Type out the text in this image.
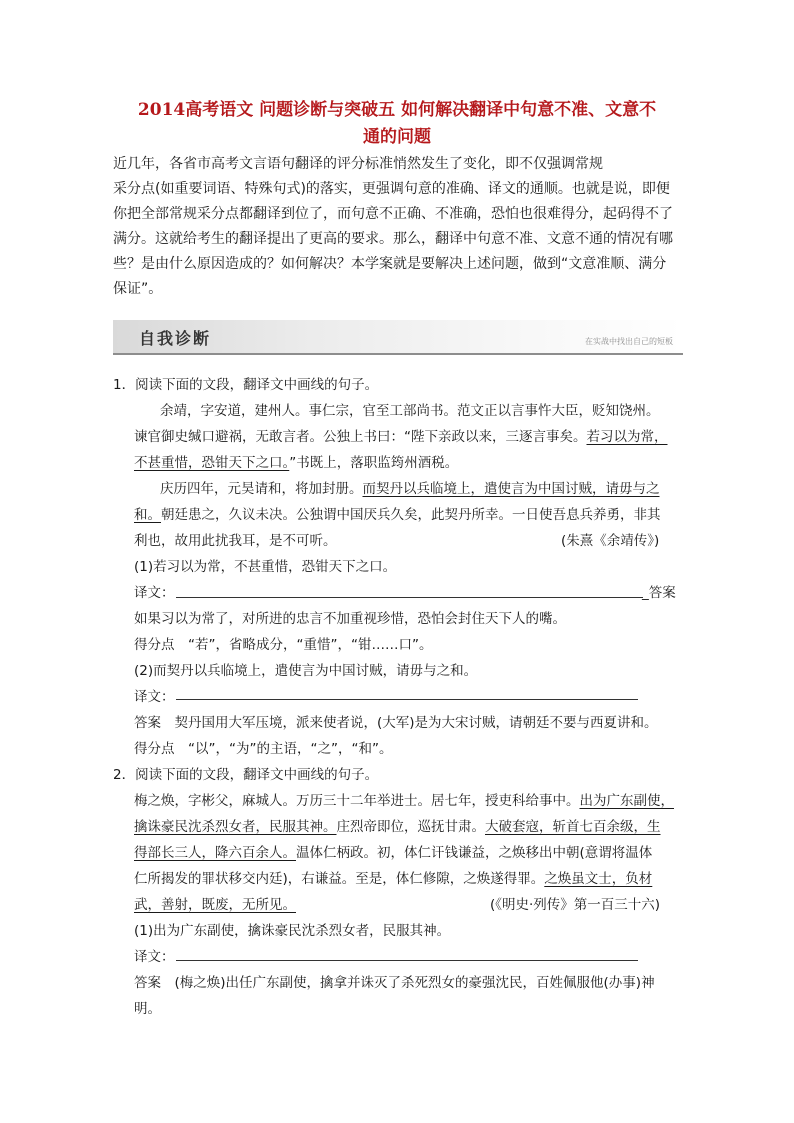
2014高考语文 问题诊断与突破五 如何解决翻译中句意不准、文意不
通的问题
近几年，各省市高考文言语句翻译的评分标准悄然发生了变化，即不仅强调常规
采分点(如重要词语、特殊句式)的落实，更强调句意的准确、译文的通顺。也就是说，即便
你把全部常规采分点都翻译到位了，而句意不正确、不准确，恐怕也很难得分，起码得不了
满分。这就给考生的翻译提出了更高的要求。那么，翻译中句意不准、文意不通的情况有哪
些？是由什么原因造成的？如何解决？本学案就是要解决上述问题，做到“文意准顺、满分
保证”。
自我诊断	在实战中找出自己的短板
1．阅读下面的文段，翻译文中画线的句子。
余靖，字安道，建州人。事仁宗，官至工部尚书。范文正以言事忤大臣，贬知饶州。
谏官御史缄口避祸，无敢言者。公独上书曰：“陛下亲政以来，三逐言事矣。若习以为常，
不甚重惜，恐钳天下之口。”书既上，落职监筠州酒税。
庆历四年，元昊请和，将加封册。而契丹以兵临境上，遣使言为中国讨贼，请毋与之
和。朝廷患之，久议未决。公独谓中国厌兵久矣，此契丹所幸。一日使吾息兵养勇，非其
利也，故用此扰我耳，是不可听。	(朱熹《余靖传》)
(1)若习以为常，不甚重惜，恐钳天下之口。
译文：	_答案
如果习以为常了，对所进的忠言不加重视珍惜，恐怕会封住天下人的嘴。
得分点　“若”，省略成分，“重惜”，“钳……口”。
(2)而契丹以兵临境上，遣使言为中国讨贼，请毋与之和。
译文：
答案　契丹国用大军压境，派来使者说，(大军)是为大宋讨贼，请朝廷不要与西夏讲和。
得分点　“以”，“为”的主语，“之”，“和”。
2．阅读下面的文段，翻译文中画线的句子。
梅之焕，字彬父，麻城人。万历三十二年举进士。居七年，授吏科给事中。出为广东副使，
擒诛豪民沈杀烈女者，民服其神。庄烈帝即位，巡抚甘肃。大破套寇，斩首七百余级，生
得部长三人，降六百余人。温体仁柄政。初，体仁讦钱谦益，之焕移出中朝(意谓将温体
仁所揭发的罪状移交内廷)，右谦益。至是，体仁修隙，之焕遂得罪。之焕虽文士，负材
武，善射，既废，无所见。	(《明史·列传》第一百三十六)
(1)出为广东副使，擒诛豪民沈杀烈女者，民服其神。
译文：
答案　(梅之焕)出任广东副使，擒拿并诛灭了杀死烈女的豪强沈民，百姓佩服他(办事)神
明。
